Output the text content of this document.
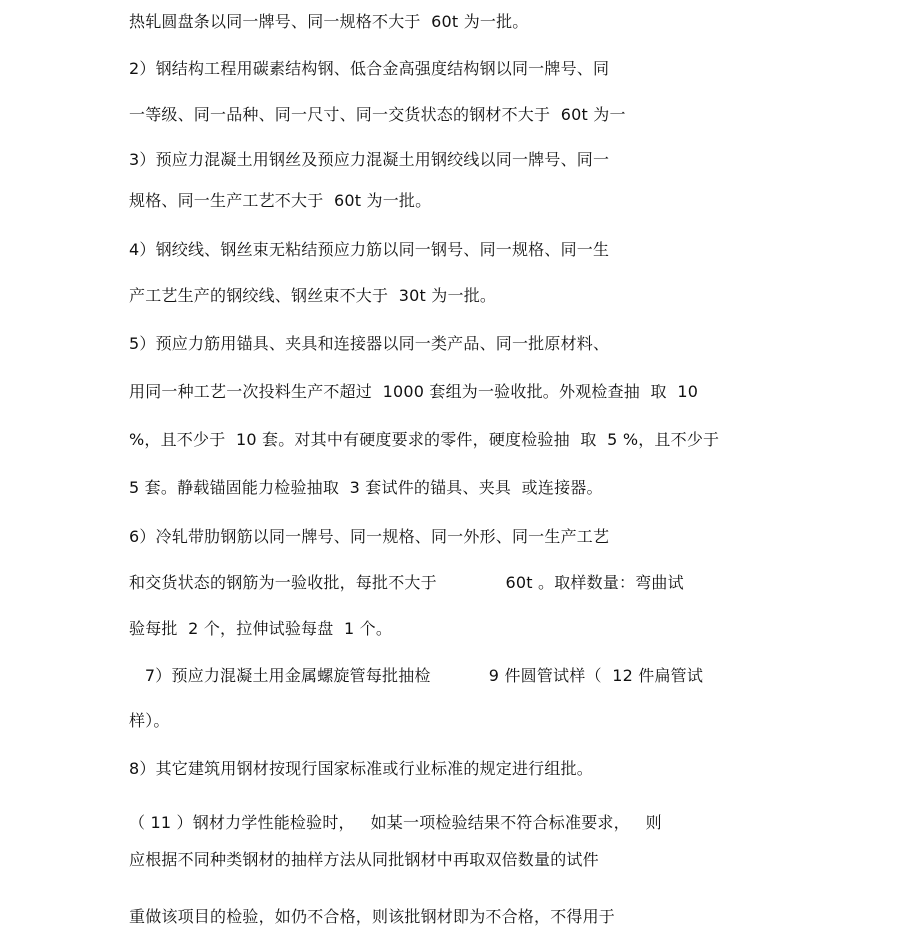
热轧圆盘条以同一牌号、同一规格不大于  60t 为一批。
2）钢结构工程用碳素结构钢、低合金高强度结构钢以同一牌号、同
一等级、同一品种、同一尺寸、同一交货状态的钢材不大于  60t 为一
3）预应力混凝土用钢丝及预应力混凝土用钢绞线以同一牌号、同一
规格、同一生产工艺不大于  60t 为一批。
4）钢绞线、钢丝束无粘结预应力筋以同一钢号、同一规格、同一生
产工艺生产的钢绞线、钢丝束不大于  30t 为一批。
5）预应力筋用锚具、夹具和连接器以同一类产品、同一批原材料、
用同一种工艺一次投料生产不超过  1000 套组为一验收批。外观检查抽  取  10
%，且不少于  10 套。对其中有硬度要求的零件，硬度检验抽  取  5 %，且不少于
5 套。静载锚固能力检验抽取  3 套试件的锚具、夹具  或连接器。
6）冷轧带肋钢筋以同一牌号、同一规格、同一外形、同一生产工艺
和交货状态的钢筋为一验收批，每批不大于             60t 。取样数量：弯曲试
验每批  2 个，拉伸试验每盘  1 个。
7）预应力混凝土用金属螺旋管每批抽检           9 件圆管试样（  12 件扁管试
样）。
8）其它建筑用钢材按现行国家标准或行业标准的规定进行组批。
（ 11 ）钢材力学性能检验时，   如某一项检验结果不符合标准要求，   则
应根据不同种类钢材的抽样方法从同批钢材中再取双倍数量的试件
重做该项目的检验，如仍不合格，则该批钢材即为不合格，不得用于
